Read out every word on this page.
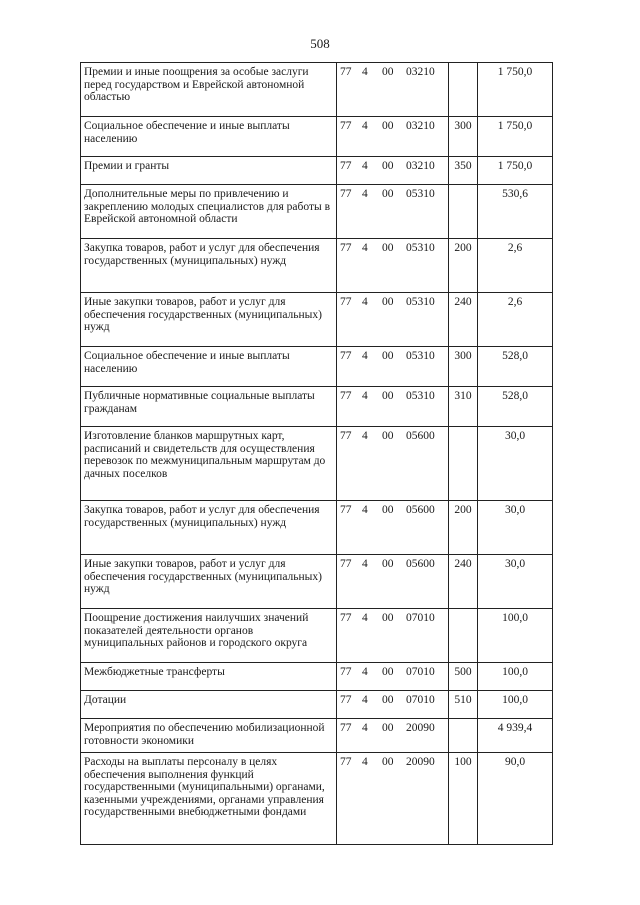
508
Премии и иные поощрения за особые заслуги перед государством и Еврейской автономной областью	77 4 00 03210		1 750,0
Социальное обеспечение и иные выплаты населению	77 4 00 03210	300	1 750,0
Премии и гранты	77 4 00 03210	350	1 750,0
Дополнительные меры по привлечению и закреплению молодых специалистов для работы в Еврейской автономной области	77 4 00 05310		530,6
Закупка товаров, работ и услуг для обеспечения государственных (муниципальных) нужд	77 4 00 05310	200	2,6
Иные закупки товаров, работ и услуг для обеспечения государственных (муниципальных) нужд	77 4 00 05310	240	2,6
Социальное обеспечение и иные выплаты населению	77 4 00 05310	300	528,0
Публичные нормативные социальные выплаты гражданам	77 4 00 05310	310	528,0
Изготовление бланков маршрутных карт, расписаний и свидетельств для осуществления перевозок по межмуниципальным маршрутам до дачных поселков	77 4 00 05600		30,0
Закупка товаров, работ и услуг для обеспечения государственных (муниципальных) нужд	77 4 00 05600	200	30,0
Иные закупки товаров, работ и услуг для обеспечения государственных (муниципальных) нужд	77 4 00 05600	240	30,0
Поощрение достижения наилучших значений показателей деятельности органов муниципальных районов и городского округа	77 4 00 07010		100,0
Межбюджетные трансферты	77 4 00 07010	500	100,0
Дотации	77 4 00 07010	510	100,0
Мероприятия по обеспечению мобилизационной готовности экономики	77 4 00 20090		4 939,4
Расходы на выплаты персоналу в целях обеспечения выполнения функций государственными (муниципальными) органами, казенными учреждениями, органами управления государственными внебюджетными фондами	77 4 00 20090	100	90,0
